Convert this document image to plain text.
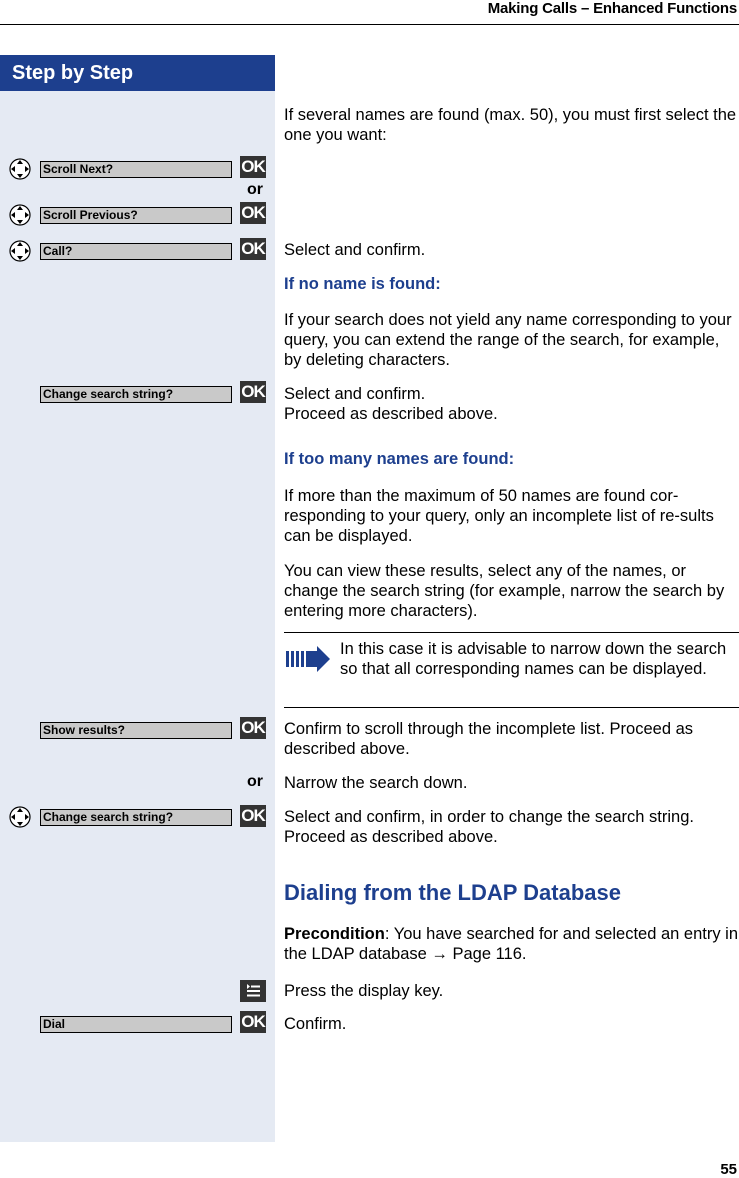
Making Calls – Enhanced Functions
Step by Step
If several names are found (max. 50), you must first select the one you want:
Scroll Next?	OK
or
Scroll Previous?	OK
Call?	OK Select and confirm.
If no name is found:
If your search does not yield any name corresponding to your query, you can extend the range of the search, for example, by deleting characters.
Change search string?	OK Select and confirm.
Proceed as described above.
If too many names are found:
If more than the maximum of 50 names are found cor-responding to your query, only an incomplete list of re-sults can be displayed.
You can view these results, select any of the names, or change the search string (for example, narrow the search by entering more characters).
In this case it is advisable to narrow down the search so that all corresponding names can be displayed.
Show results?	OK Confirm to scroll through the incomplete list. Proceed as described above.
or Narrow the search down.
Change search string?	OK Select and confirm, in order to change the search string.
Proceed as described above.
Dialing from the LDAP Database
Precondition: You have searched for and selected an entry in the LDAP database → Page 116.
Press the display key.
Dial	OK Confirm.
55
